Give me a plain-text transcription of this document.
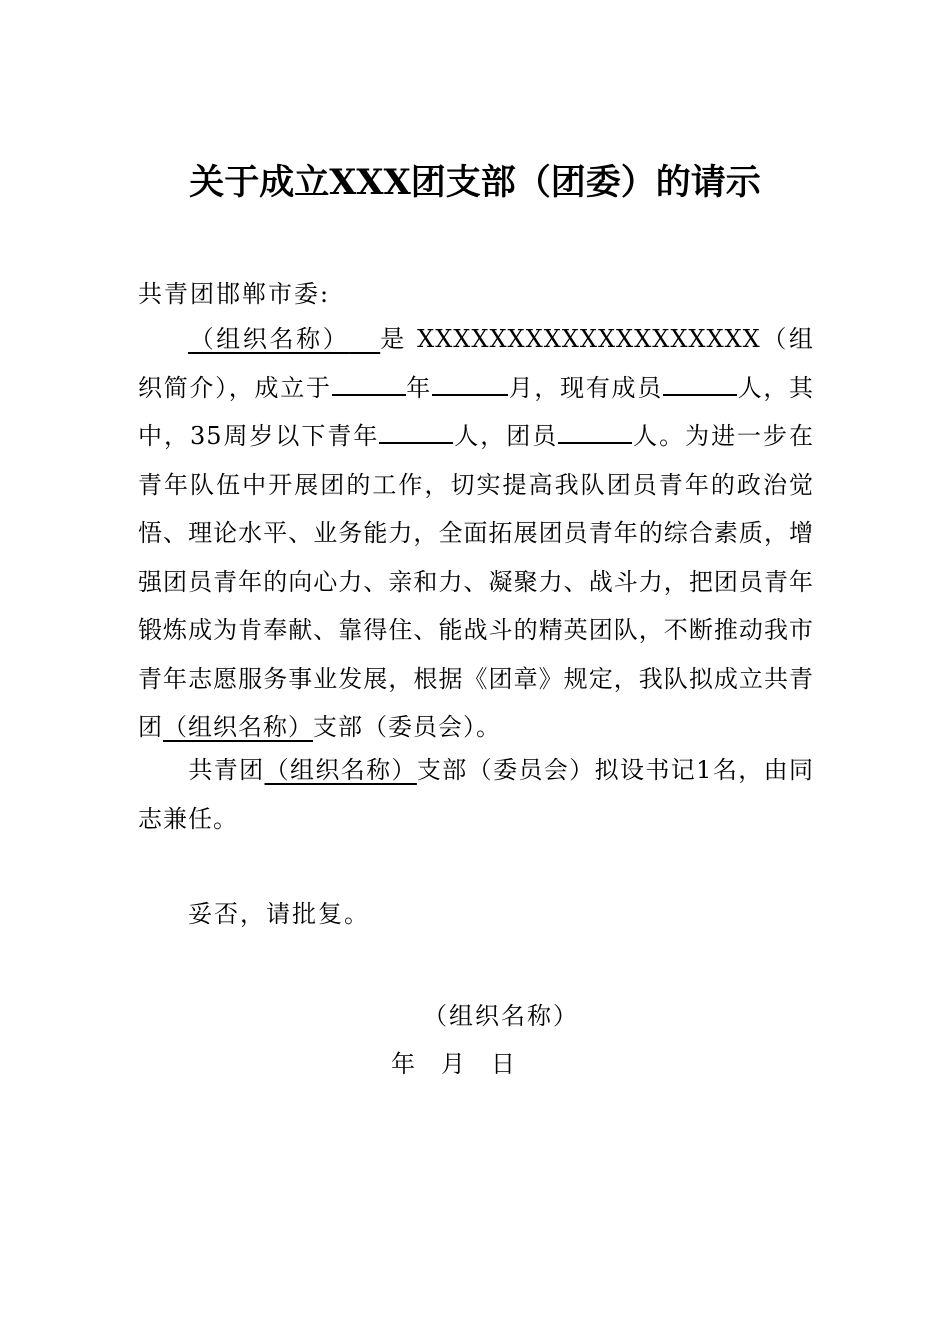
关于成立XXX团支部（团委）的请示
共青团邯郸市委:
（组织名称） 是 XXXXXXXXXXXXXXXXXXX（组织简介），成立于	年	月，现有成员	人，其中，35周岁以下青年	人，团员	人。为进一步在青年队伍中开展团的工作，切实提高我队团员青年的政治觉悟、理论水平、业务能力，全面拓展团员青年的综合素质，增强团员青年的向心力、亲和力、凝聚力、战斗力，把团员青年锻炼成为肯奉献、靠得住、能战斗的精英团队，不断推动我市青年志愿服务事业发展，根据《团章》规定，我队拟成立共青团（组织名称）支部（委员会）。
共青团（组织名称）支部（委员会）拟设书记1名，由同志兼任。
妥否，请批复。
（组织名称）
年 月 日
